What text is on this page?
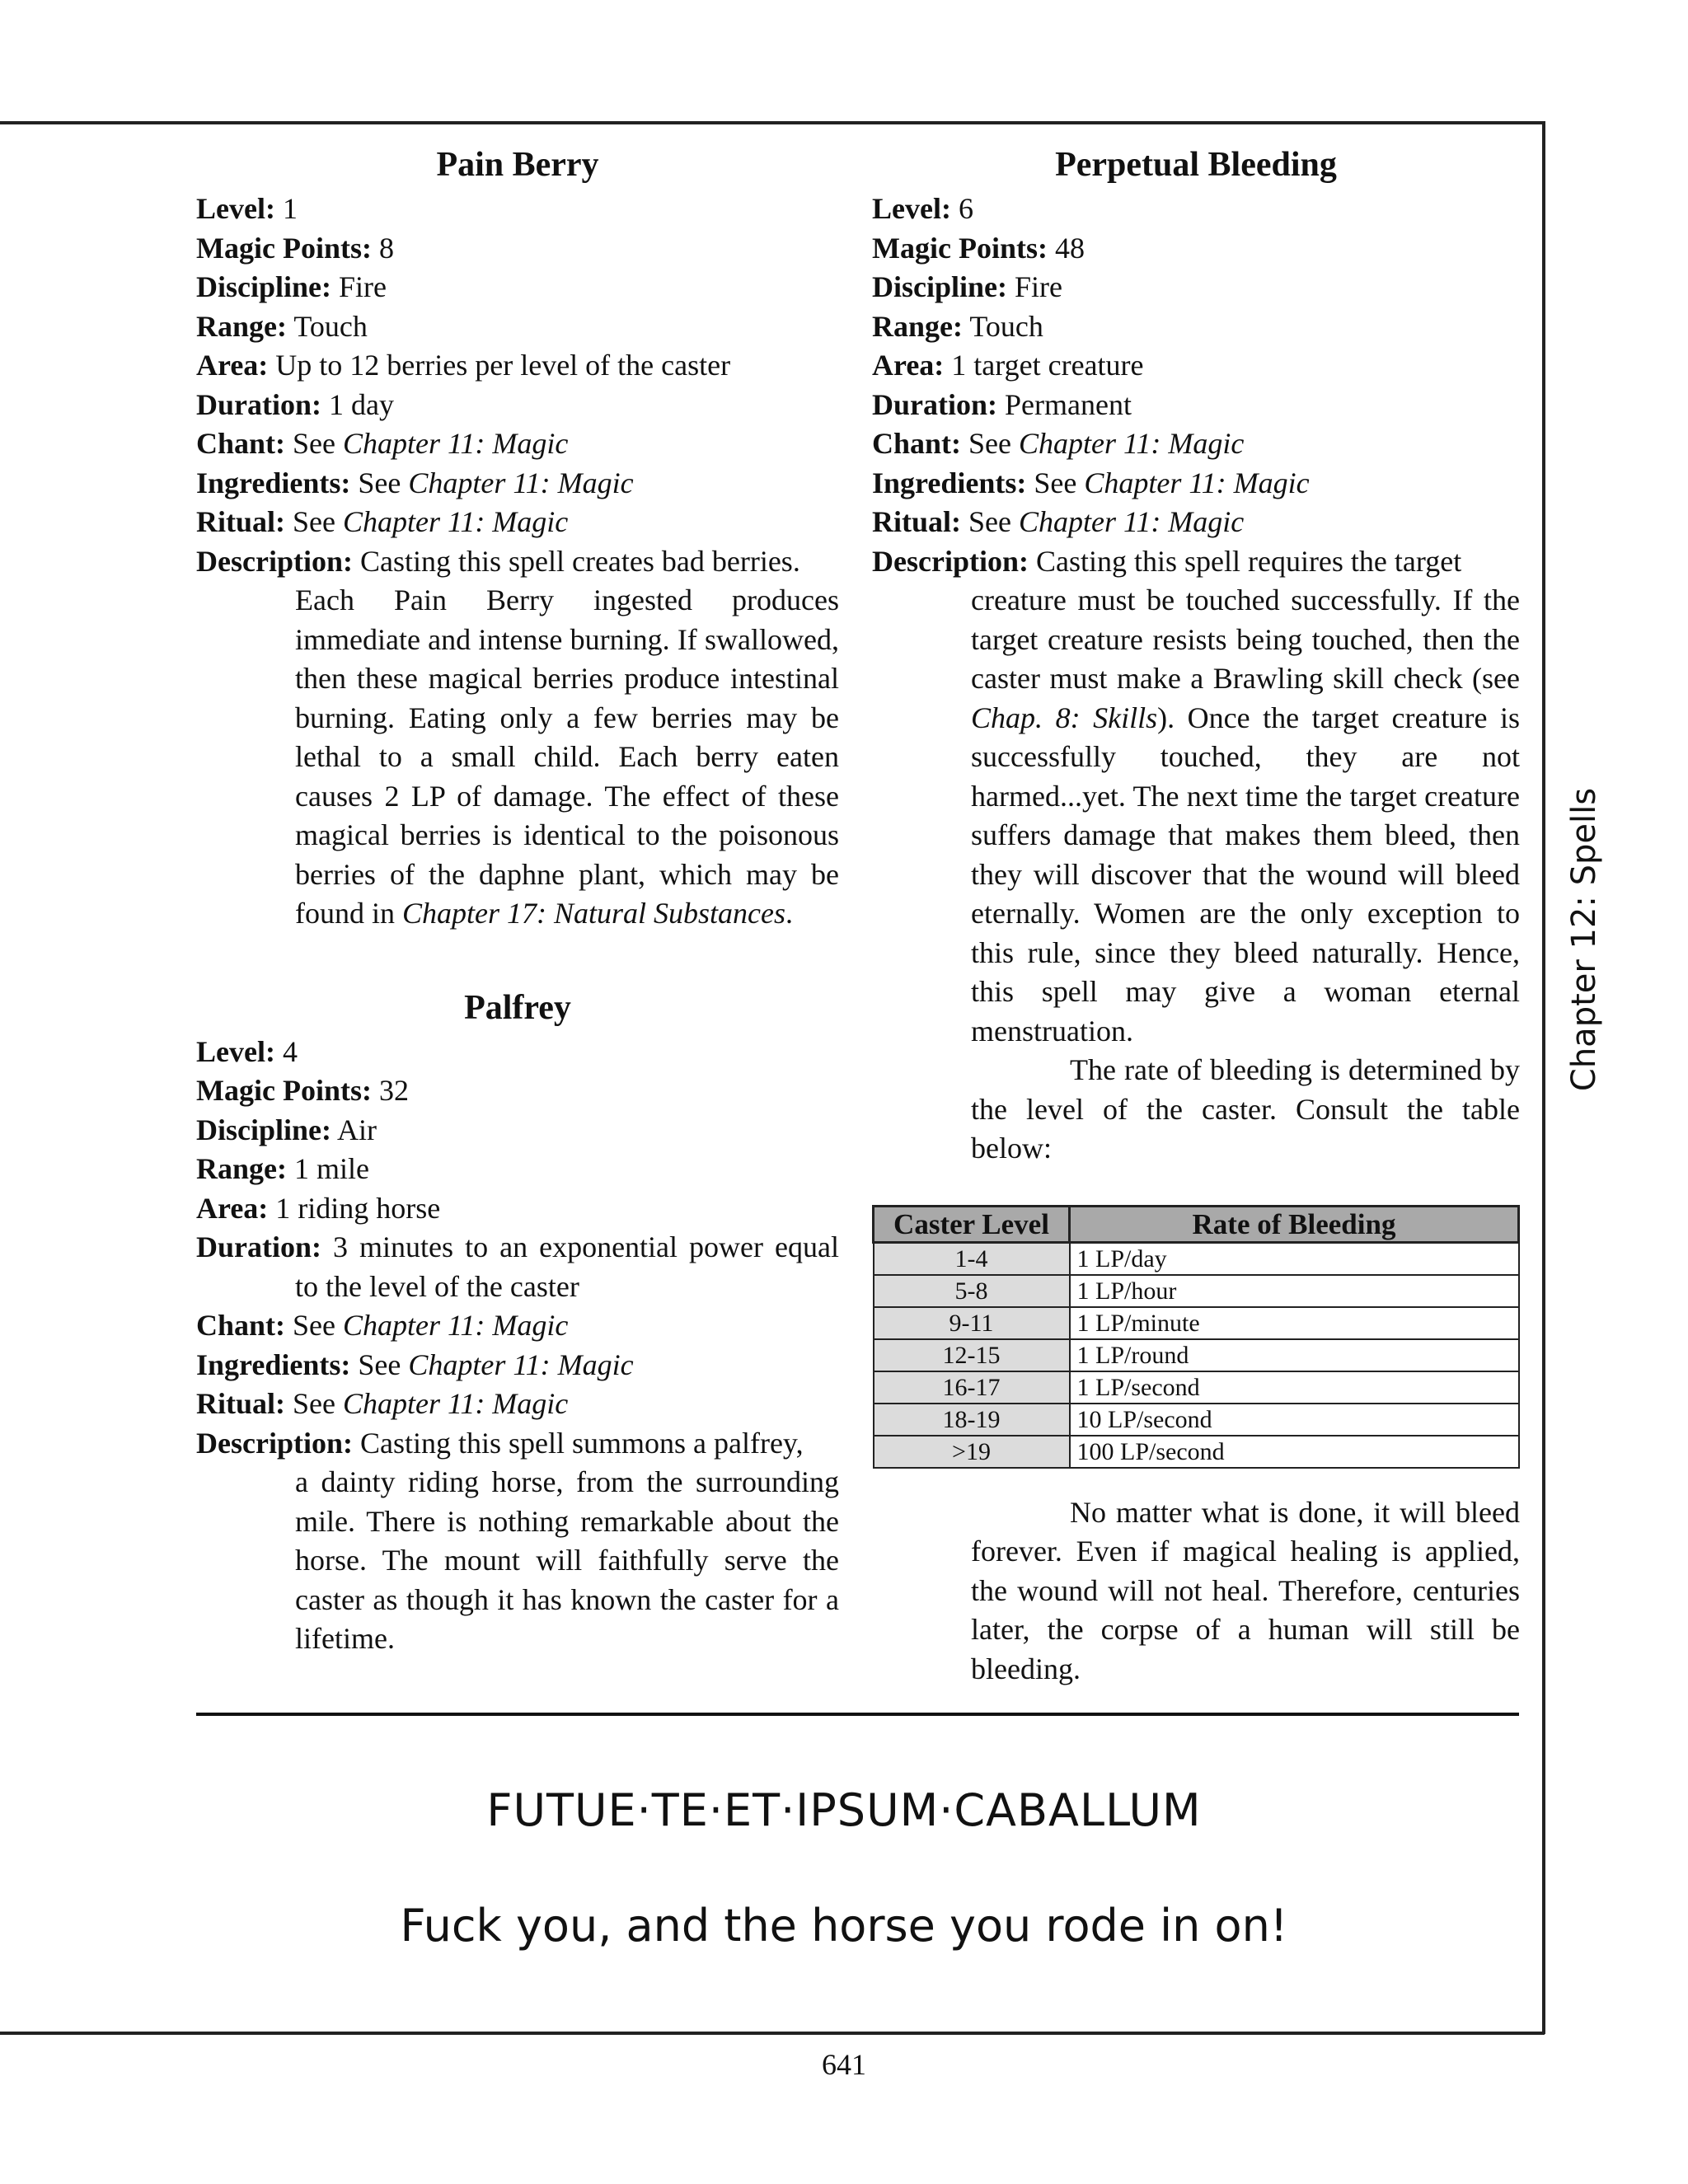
Pain Berry

Level: 1

Magic Points: 8

Discipline: Fire

Range: Touch

Area: Up to 12 berries per level of the caster

Duration: 1 day

Chant: See Chapter 11: Magic

Ingredients: See Chapter 11: Magic

Ritual: See Chapter 11: Magic

Description: Casting this spell creates bad berries.

Each Pain Berry ingested produces immediate and intense burning. If swallowed, then these magical berries produce intestinal burning. Eating only a few berries may be lethal to a small child. Each berry eaten causes 2 LP of damage. The effect of these magical berries is identical to the poisonous berries of the daphne plant, which may be found in Chapter 17: Natural Substances.

Palfrey

Level: 4

Magic Points: 32

Discipline: Air

Range: 1 mile

Area: 1 riding horse

Duration: 3 minutes to an exponential power equal to the level of the caster

Chant: See Chapter 11: Magic

Ingredients: See Chapter 11: Magic

Ritual: See Chapter 11: Magic

Description: Casting this spell summons a palfrey,

a dainty riding horse, from the surrounding mile. There is nothing remarkable about the horse. The mount will faithfully serve the caster as though it has known the caster for a lifetime.

Perpetual Bleeding

Level: 6

Magic Points: 48

Discipline: Fire

Range: Touch

Area: 1 target creature

Duration: Permanent

Chant: See Chapter 11: Magic

Ingredients: See Chapter 11: Magic

Ritual: See Chapter 11: Magic

Description: Casting this spell requires the target

creature must be touched successfully. If the target creature resists being touched, then the caster must make a Brawling skill check (see Chap. 8: Skills). Once the target creature is successfully touched, they are not harmed...yet. The next time the target creature suffers damage that makes them bleed, then they will discover that the wound will bleed eternally. Women are the only exception to this rule, since they bleed naturally. Hence, this spell may give a woman eternal menstruation.

The rate of bleeding is determined by the level of the caster. Consult the table below:

Caster Level	Rate of Bleeding
1-4	1 LP/day
5-8	1 LP/hour
9-11	1 LP/minute
12-15	1 LP/round
16-17	1 LP/second
18-19	10 LP/second
>19	100 LP/second

No matter what is done, it will bleed forever. Even if magical healing is applied, the wound will not heal. Therefore, centuries later, the corpse of a human will still be bleeding.

Chapter 12: Spells
FUTUE·TE·ET·IPSUM·CABALLUM
Fuck you, and the horse you rode in on!
641
